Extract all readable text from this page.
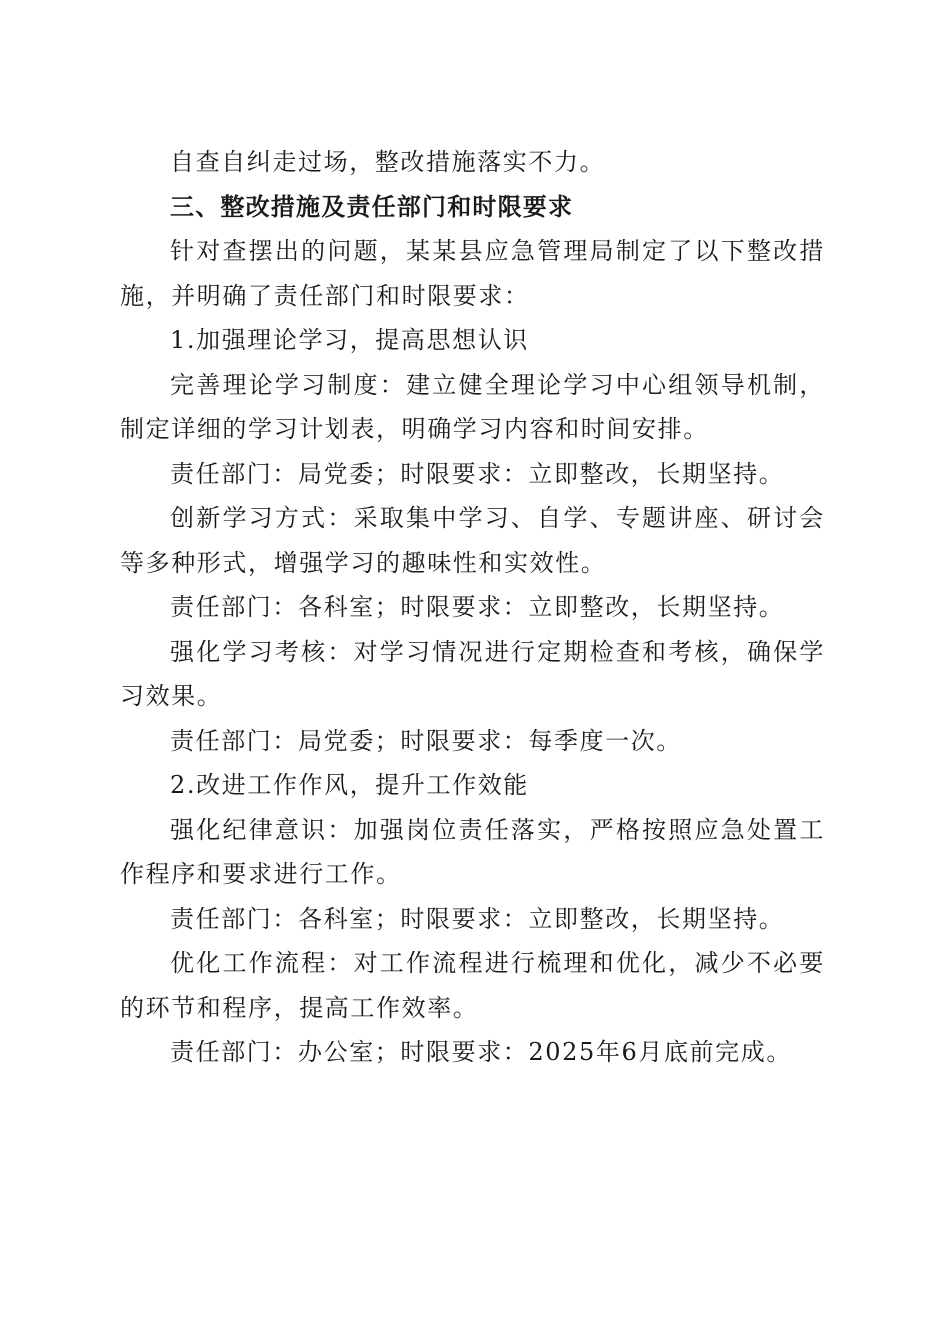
自查自纠走过场，整改措施落实不力。

三、整改措施及责任部门和时限要求

针对查摆出的问题，某某县应急管理局制定了以下整改措施，并明确了责任部门和时限要求：

1.加强理论学习，提高思想认识

完善理论学习制度：建立健全理论学习中心组领导机制，制定详细的学习计划表，明确学习内容和时间安排。

责任部门：局党委；时限要求：立即整改，长期坚持。

创新学习方式：采取集中学习、自学、专题讲座、研讨会等多种形式，增强学习的趣味性和实效性。

责任部门：各科室；时限要求：立即整改，长期坚持。

强化学习考核：对学习情况进行定期检查和考核，确保学习效果。

责任部门：局党委；时限要求：每季度一次。

2.改进工作作风，提升工作效能

强化纪律意识：加强岗位责任落实，严格按照应急处置工作程序和要求进行工作。

责任部门：各科室；时限要求：立即整改，长期坚持。

优化工作流程：对工作流程进行梳理和优化，减少不必要的环节和程序，提高工作效率。

责任部门：办公室；时限要求：2025年6月底前完成。
